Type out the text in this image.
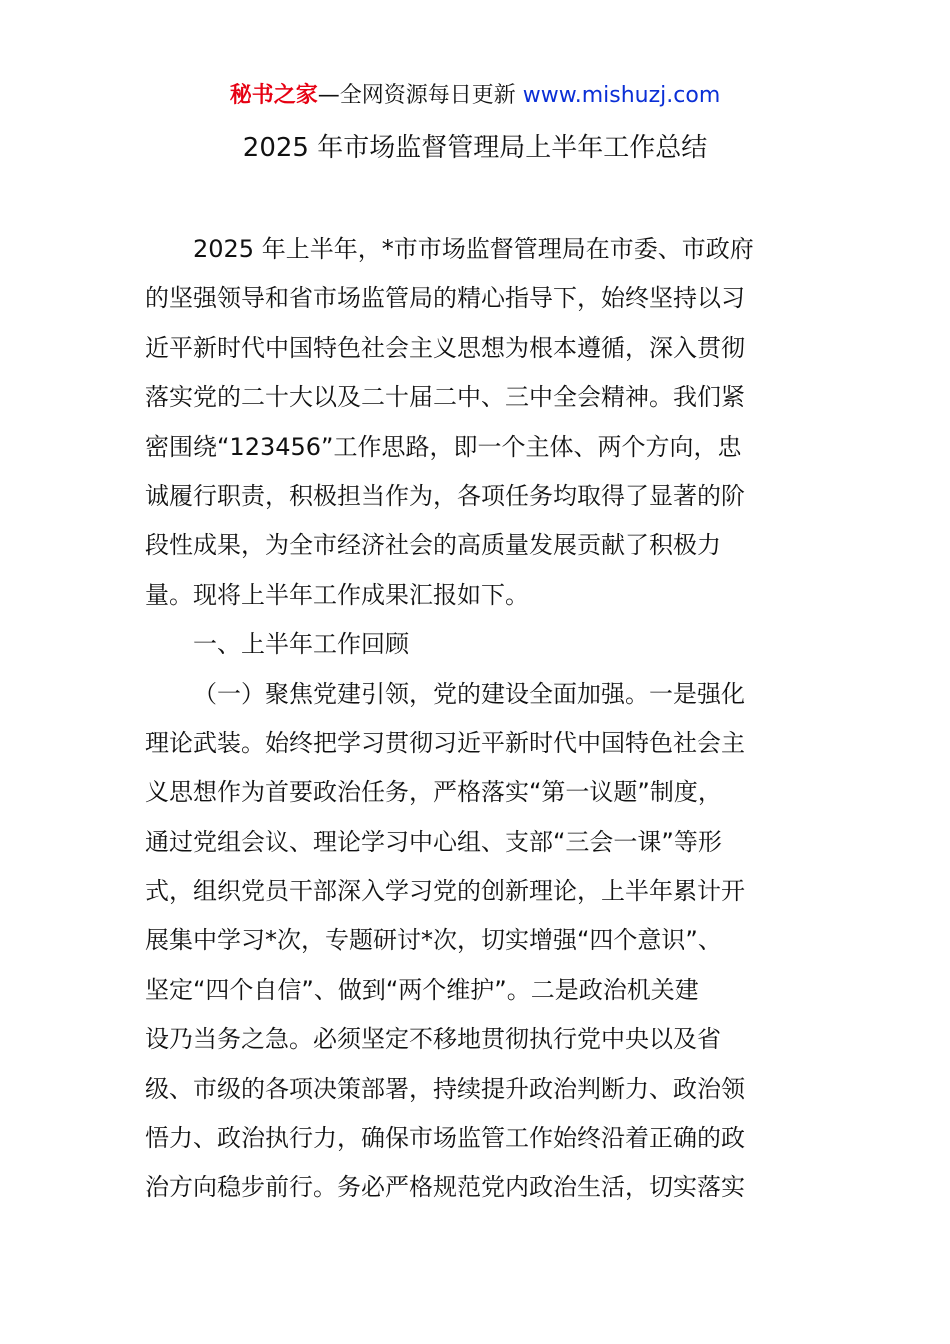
秘书之家—全网资源每日更新 www.mishuzj.com
2025 年市场监督管理局上半年工作总结
2025 年上半年，*市市场监督管理局在市委、市政府
的坚强领导和省市场监管局的精心指导下，始终坚持以习
近平新时代中国特色社会主义思想为根本遵循，深入贯彻
落实党的二十大以及二十届二中、三中全会精神。我们紧
密围绕“123456”工作思路，即一个主体、两个方向，忠
诚履行职责，积极担当作为，各项任务均取得了显著的阶
段性成果，为全市经济社会的高质量发展贡献了积极力
量。现将上半年工作成果汇报如下。
一、上半年工作回顾
（一）聚焦党建引领，党的建设全面加强。一是强化
理论武装。始终把学习贯彻习近平新时代中国特色社会主
义思想作为首要政治任务，严格落实“第一议题”制度，
通过党组会议、理论学习中心组、支部“三会一课”等形
式，组织党员干部深入学习党的创新理论，上半年累计开
展集中学习*次，专题研讨*次，切实增强“四个意识”、
坚定“四个自信”、做到“两个维护”。二是政治机关建
设乃当务之急。必须坚定不移地贯彻执行党中央以及省
级、市级的各项决策部署，持续提升政治判断力、政治领
悟力、政治执行力，确保市场监管工作始终沿着正确的政
治方向稳步前行。务必严格规范党内政治生活，切实落实
